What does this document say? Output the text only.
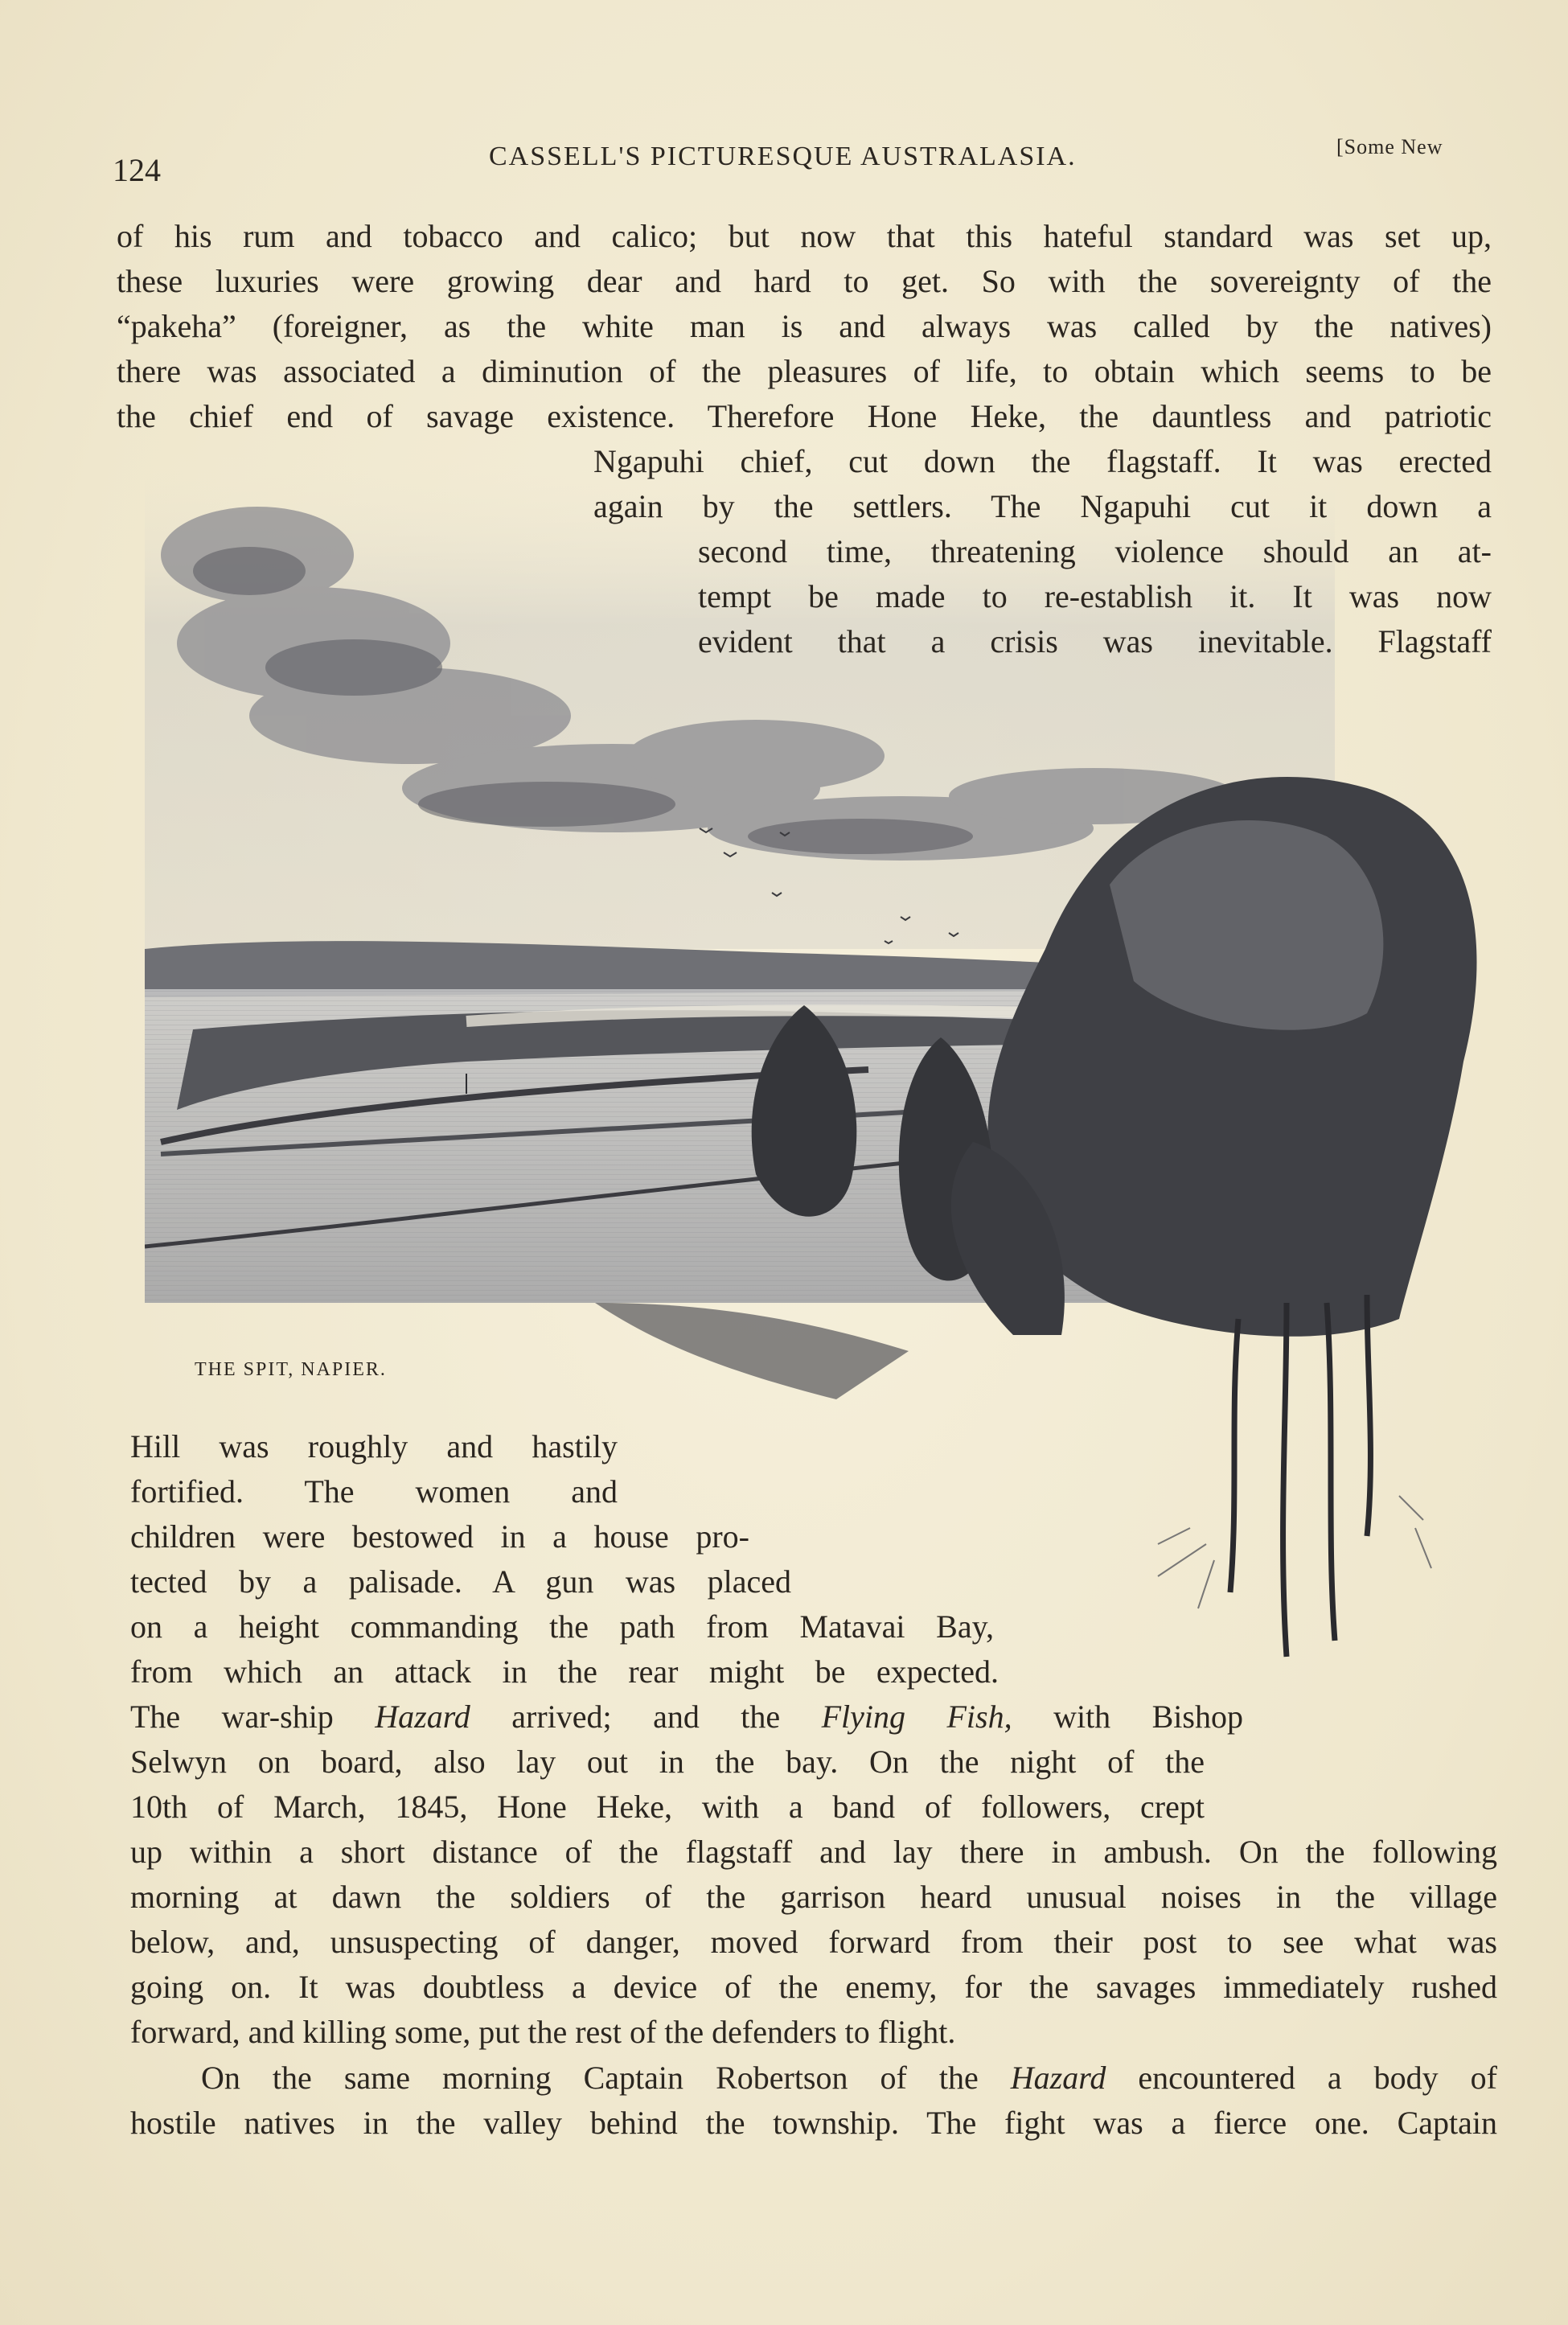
124	CASSELL'S PICTURESQUE AUSTRALASIA.	[Some New
THE SPIT, NAPIER.
of his rum and tobacco and calico; but now that this hateful standard was set up,
these luxuries were growing dear and hard to get. So with the sovereignty of the
“pakeha” (foreigner, as the white man is and always was called by the natives)
there was associated a diminution of the pleasures of life, to obtain which seems to be
the chief end of savage existence. Therefore Hone Heke, the dauntless and patriotic
Ngapuhi chief, cut down the flagstaff. It was erected
again by the settlers. The Ngapuhi cut it down a
second time, threatening violence should an at-
tempt be made to re-establish it. It was now
evident that a crisis was inevitable. Flagstaff
Hill was roughly and hastily
fortified. The women and
children were bestowed in a house pro-
tected by a palisade. A gun was placed
on a height commanding the path from Matavai Bay,
from which an attack in the rear might be expected.
The war-ship Hazard arrived; and the Flying Fish, with Bishop
Selwyn on board, also lay out in the bay. On the night of the
10th of March, 1845, Hone Heke, with a band of followers, crept
up within a short distance of the flagstaff and lay there in ambush. On the following
morning at dawn the soldiers of the garrison heard unusual noises in the village
below, and, unsuspecting of danger, moved forward from their post to see what was
going on. It was doubtless a device of the enemy, for the savages immediately rushed
forward, and killing some, put the rest of the defenders to flight.
On the same morning Captain Robertson of the Hazard encountered a body of
hostile natives in the valley behind the township. The fight was a fierce one. Captain
